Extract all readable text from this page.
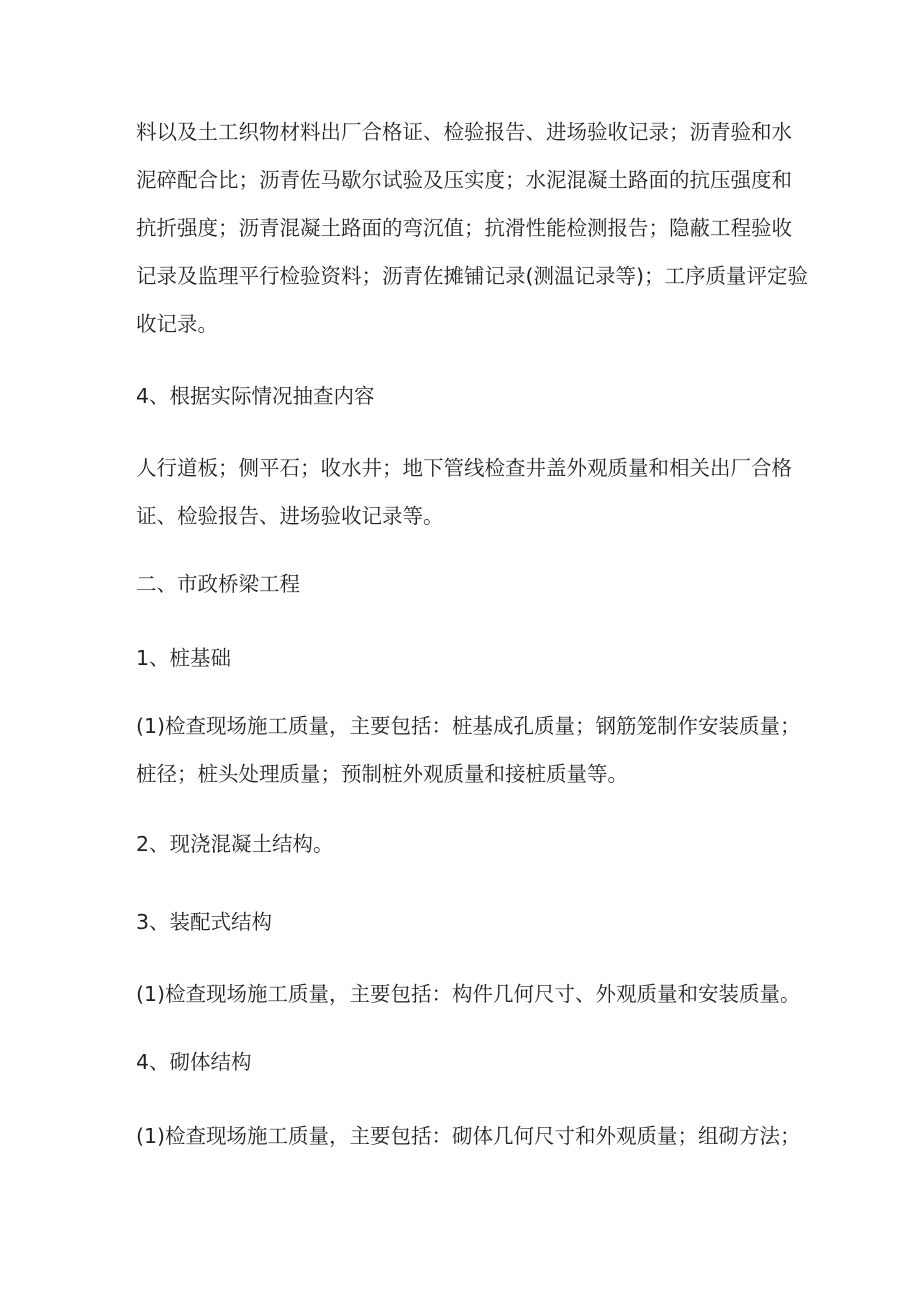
料以及土工织物材料出厂合格证、检验报告、进场验收记录；沥青验和水
泥碎配合比；沥青佐马歇尔试验及压实度；水泥混凝土路面的抗压强度和
抗折强度；沥青混凝土路面的弯沉值；抗滑性能检测报告；隐蔽工程验收
记录及监理平行检验资料；沥青佐摊铺记录(测温记录等)；工序质量评定验
收记录。
4、根据实际情况抽查内容
人行道板；侧平石；收水井；地下管线检查井盖外观质量和相关出厂合格
证、检验报告、进场验收记录等。
二、市政桥梁工程
1、桩基础
(1)检查现场施工质量，主要包括：桩基成孔质量；钢筋笼制作安装质量；
桩径；桩头处理质量；预制桩外观质量和接桩质量等。
2、现浇混凝土结构。
3、装配式结构
(1)检查现场施工质量，主要包括：构件几何尺寸、外观质量和安装质量。
4、砌体结构
(1)检查现场施工质量，主要包括：砌体几何尺寸和外观质量；组砌方法；
